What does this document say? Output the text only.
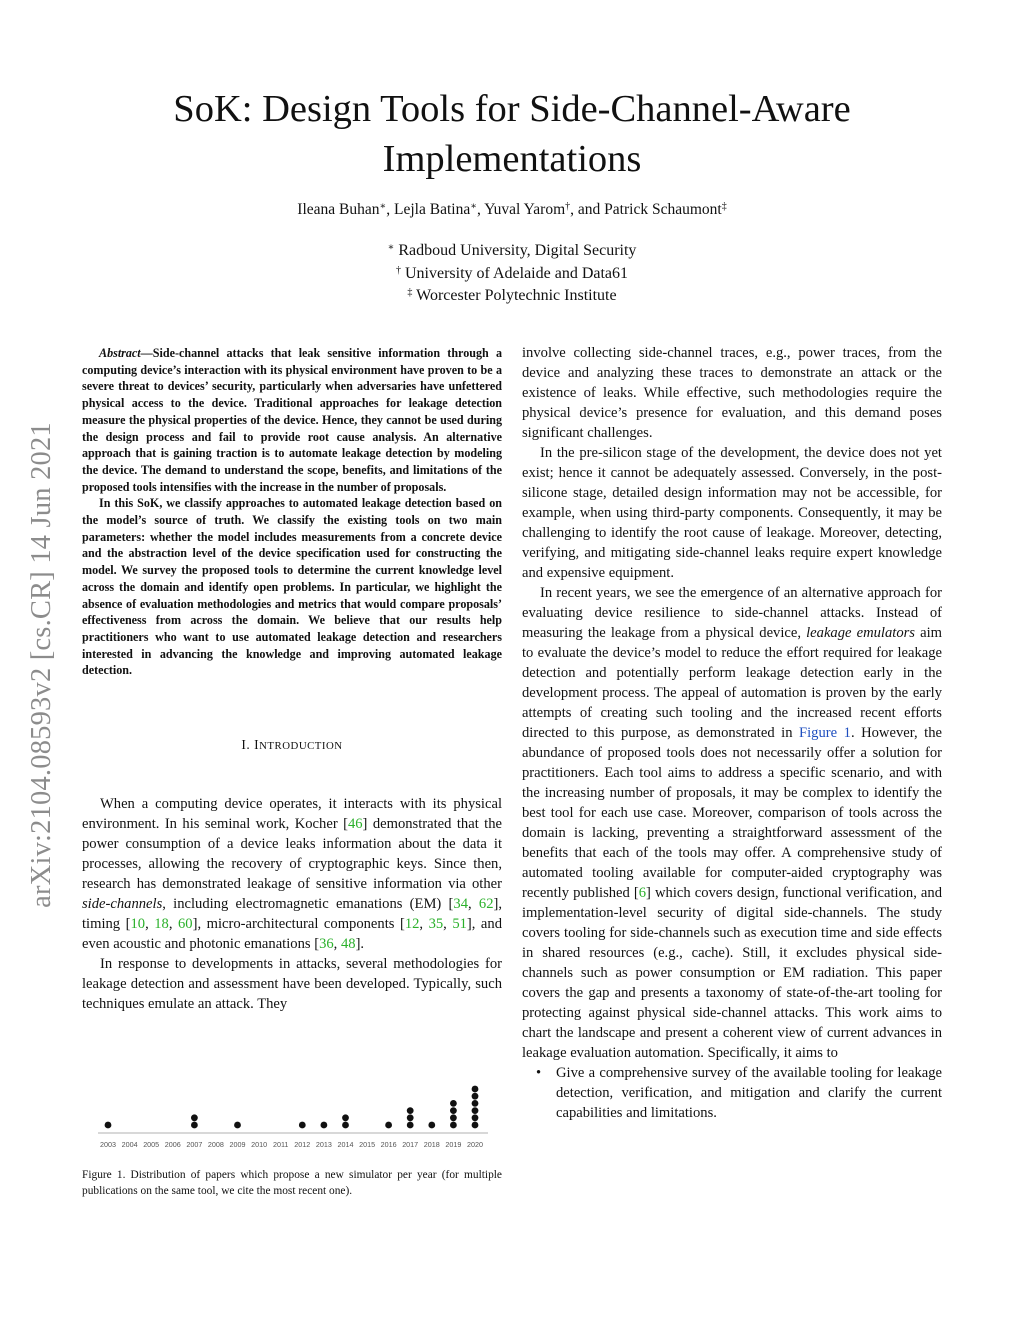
arXiv:2104.08593v2 [cs.CR] 14 Jun 2021
SoK: Design Tools for Side-Channel-Aware
Implementations
Ileana Buhan∗, Lejla Batina∗, Yuval Yarom†, and Patrick Schaumont‡
∗ Radboud University, Digital Security
† University of Adelaide and Data61
‡ Worcester Polytechnic Institute

Abstract—Side-channel attacks that leak sensitive information through a computing device’s interaction with its physical environment have proven to be a severe threat to devices’ security, particularly when adversaries have unfettered physical access to the device. Traditional approaches for leakage detection measure the physical properties of the device. Hence, they cannot be used during the design process and fail to provide root cause analysis. An alternative approach that is gaining traction is to automate leakage detection by modeling the device. The demand to understand the scope, benefits, and limitations of the proposed tools intensifies with the increase in the number of proposals.

In this SoK, we classify approaches to automated leakage detection based on the model’s source of truth. We classify the existing tools on two main parameters: whether the model includes measurements from a concrete device and the abstraction level of the device specification used for constructing the model. We survey the proposed tools to determine the current knowledge level across the domain and identify open problems. In particular, we highlight the absence of evaluation methodologies and metrics that would compare proposals’ effectiveness from across the domain. We believe that our results help practitioners who want to use automated leakage detection and researchers interested in advancing the knowledge and improving automated leakage detection.

I. INTRODUCTION

When a computing device operates, it interacts with its physical environment. In his seminal work, Kocher [46] demonstrated that the power consumption of a device leaks information about the data it processes, allowing the recovery of cryptographic keys. Since then, research has demonstrated leakage of sensitive information via other side-channels, including electromagnetic emanations (EM) [34, 62], timing [10, 18, 60], micro-architectural components [12, 35, 51], and even acoustic and photonic emanations [36, 48].

In response to developments in attacks, several methodologies for leakage detection and assessment have been developed. Typically, such techniques emulate an attack. They

2003 2004 2005 2006 2007 2008 2009 2010 2011 2012 2013 2014 2015 2016 2017 2018 2019 2020
Figure 1. Distribution of papers which propose a new simulator per year (for multiple publications on the same tool, we cite the most recent one).

involve collecting side-channel traces, e.g., power traces, from the device and analyzing these traces to demonstrate an attack or the existence of leaks. While effective, such methodologies require the physical device’s presence for evaluation, and this demand poses significant challenges.

In the pre-silicon stage of the development, the device does not yet exist; hence it cannot be adequately assessed. Conversely, in the post-silicone stage, detailed design information may not be accessible, for example, when using third-party components. Consequently, it may be challenging to identify the root cause of leakage. Moreover, detecting, verifying, and mitigating side-channel leaks require expert knowledge and expensive equipment.

In recent years, we see the emergence of an alternative approach for evaluating device resilience to side-channel attacks. Instead of measuring the leakage from a physical device, leakage emulators aim to evaluate the device’s model to reduce the effort required for leakage detection and potentially perform leakage detection early in the development process. The appeal of automation is proven by the early attempts of creating such tooling and the increased recent efforts directed to this purpose, as demonstrated in Figure 1. However, the abundance of proposed tools does not necessarily offer a solution for practitioners. Each tool aims to address a specific scenario, and with the increasing number of proposals, it may be complex to identify the best tool for each use case. Moreover, comparison of tools across the domain is lacking, preventing a straightforward assessment of the benefits that each of the tools may offer. A comprehensive study of automated tooling available for computer-aided cryptography was recently published [6] which covers design, functional verification, and implementation-level security of digital side-channels. The study covers tooling for side-channels such as execution time and side effects in shared resources (e.g., cache). Still, it excludes physical side-channels such as power consumption or EM radiation. This paper covers the gap and presents a taxonomy of state-of-the-art tooling for protecting against physical side-channel attacks. This work aims to chart the landscape and present a coherent view of current advances in leakage evaluation automation. Specifically, it aims to

• Give a comprehensive survey of the available tooling for leakage detection, verification, and mitigation and clarify the current capabilities and limitations.
